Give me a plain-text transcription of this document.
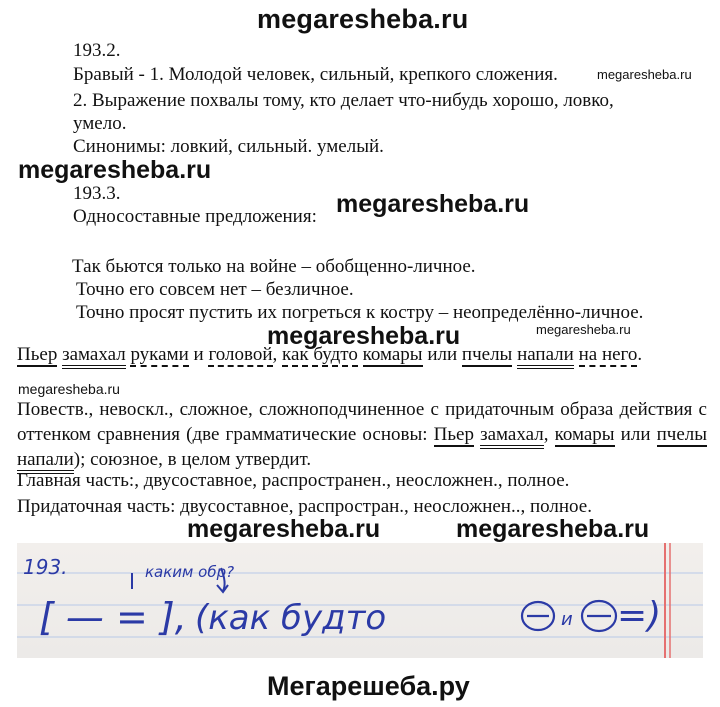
megaresheba.ru
193.2.
Бравый - 1. Молодой человек, сильный, крепкого сложения.	megaresheba.ru
2. Выражение похвалы тому, кто делает что-нибудь хорошо, ловко,
умело.
Синонимы: ловкий, сильный. умелый.
megaresheba.ru
193.3.
Односоставные предложения: megaresheba.ru
Так бьются только на войне – обобщенно-личное.
Точно его совсем нет – безличное.
Точно просят пустить их погреться к костру – неопределённо-личное.
megaresheba.ru	megaresheba.ru
Пьер замахал руками и головой, как будто комары или пчелы напали на него.
megaresheba.ru
Повеств., невоскл., сложное, сложноподчиненное с придаточным образа действия с оттенком сравнения (две грамматические основы: Пьер замахал, комары или пчелы напали); союзное, в целом утвердит.
Главная часть:, двусоставное, распространен., неосложнен., полное.
Придаточная часть: двусоставное, распростран., неосложнен.., полное.
megaresheba.ru	megaresheba.ru
193.	каким обр?
[ — = ], (как будто	и =)
Мегарешеба.ру
